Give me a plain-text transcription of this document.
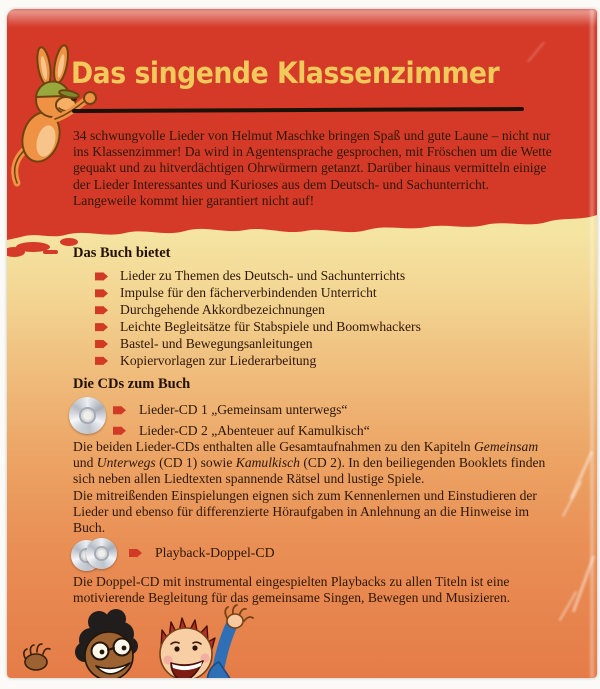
Das singende Klassenzimmer

34 schwungvolle Lieder von Helmut Maschke bringen Spaß und gute Laune – nicht nur ins Klassenzimmer! Da wird in Agentensprache gesprochen, mit Fröschen um die Wette gequakt und zu hitverdächtigen Ohrwürmern getanzt. Darüber hinaus vermitteln einige der Lieder Interessantes und Kurioses aus dem Deutsch- und Sachunterricht. Langeweile kommt hier garantiert nicht auf!

Das Buch bietet
Lieder zu Themen des Deutsch- und Sachunterrichts
Impulse für den fächerverbindenden Unterricht
Durchgehende Akkordbezeichnungen
Leichte Begleitsätze für Stabspiele und Boomwhackers
Bastel- und Bewegungsanleitungen
Kopiervorlagen zur Liederarbeitung
Die CDs zum Buch
Lieder-CD 1 „Gemeinsam unterwegs“
Lieder-CD 2 „Abenteuer auf Kamulkisch“
Die beiden Lieder-CDs enthalten alle Gesamtaufnahmen zu den Kapiteln Gemeinsam und Unterwegs (CD 1) sowie Kamulkisch (CD 2). In den beiliegenden Booklets finden sich neben allen Liedtexten spannende Rätsel und lustige Spiele.
Die mitreißenden Einspielungen eignen sich zum Kennenlernen und Einstudieren der Lieder und ebenso für differenzierte Höraufgaben in Anlehnung an die Hinweise im Buch.
Playback-Doppel-CD

Die Doppel-CD mit instrumental eingespielten Playbacks zu allen Titeln ist eine motivierende Begleitung für das gemeinsame Singen, Bewegen und Musizieren.
